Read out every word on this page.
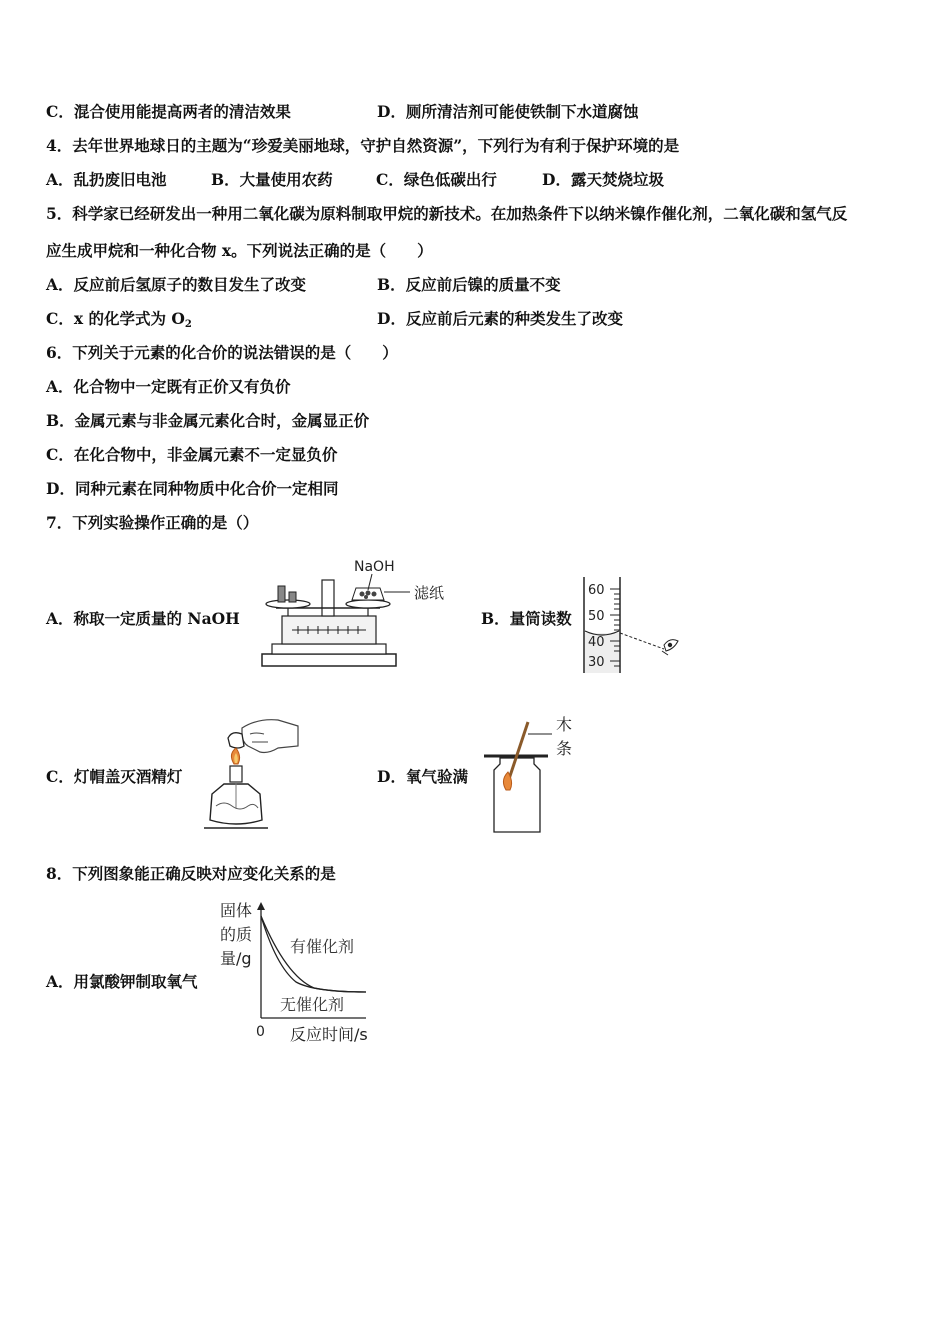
C．混合使用能提高两者的清洁效果	D．厕所清洁剂可能使铁制下水道腐蚀
4．去年世界地球日的主题为“珍爱美丽地球，守护自然资源”，下列行为有利于保护环境的是
A．乱扔废旧电池	B．大量使用农药	C．绿色低碳出行	D．露天焚烧垃圾
5．科学家已经研发出一种用二氧化碳为原料制取甲烷的新技术。在加热条件下以纳米镍作催化剂，二氧化碳和氢气反
应生成甲烷和一种化合物 x。下列说法正确的是（　　）
A．反应前后氢原子的数目发生了改变	B．反应前后镍的质量不变
C．x 的化学式为 $O_2$	D．反应前后元素的种类发生了改变
6．下列关于元素的化合价的说法错误的是（　　）
A．化合物中一定既有正价又有负价
B．金属元素与非金属元素化合时，金属显正价
C．在化合物中，非金属元素不一定显负价
D．同种元素在同种物质中化合价一定相同
7．下列实验操作正确的是（）
A．称取一定质量的 NaOH
NaOH
滤纸
B．量筒读数
60
50
40
30
C．灯帽盖灭酒精灯	D．氧气验满
木
条
8．下列图象能正确反映对应变化关系的是
A．用氯酸钾制取氧气
固体
的质
量/g
有催化剂
无催化剂
0 反应时间/s
